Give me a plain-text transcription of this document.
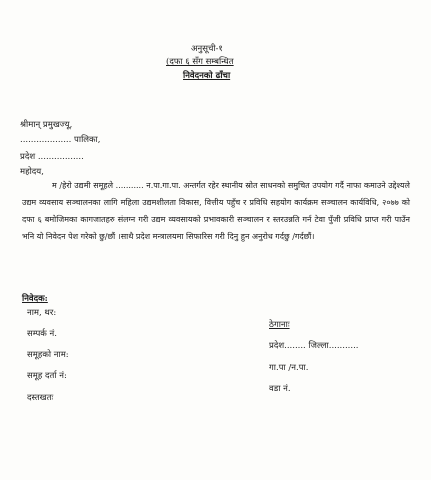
अनुसूची-१
(दफा ६ सँग सम्बन्धित
निवेदनको ढाँचा
श्रीमान् प्रमुखज्यू,
................... पालिका,
प्रदेश .................
महोदय,
म /हेरो उद्यमी समूहले ........... न.पा.गा.पा. अन्तर्गत रहेर स्थानीय स्रोत साधनको समुचित उपयोग गर्दै नाफा कमाउने उद्देश्यले उद्यम व्यवसाय सञ्चालनका लागि महिला उद्यमशीलता विकास, वित्तीय पहुँच र प्रविधि सहयोग कार्यक्रम सञ्चालन कार्यविधि, २०७७ को दफा ६ बमोजिमका कागजातहरु संलग्न गरी उद्यम व्यवसायको प्रभावकारी सञ्चालन र स्तरउन्नति गर्न टेवा पुँजी प्रविधि प्राप्त गरी पाउँन भनि यो निवेदन पेश गरेको छु/छौं ।साथै प्रदेश मन्त्रालयमा सिफारिस गरी दिनु हुन अनुरोध गर्दछु /गर्दछौं।
निवेदक:
नाम, थर:
सम्पर्क नं.
समूहको नाम:
समूह दर्ता नं:
दस्तखतः
ठेगानाः
प्रदेश........ जिल्ला...........
गा.पा /न.पा.
वडा नं.
